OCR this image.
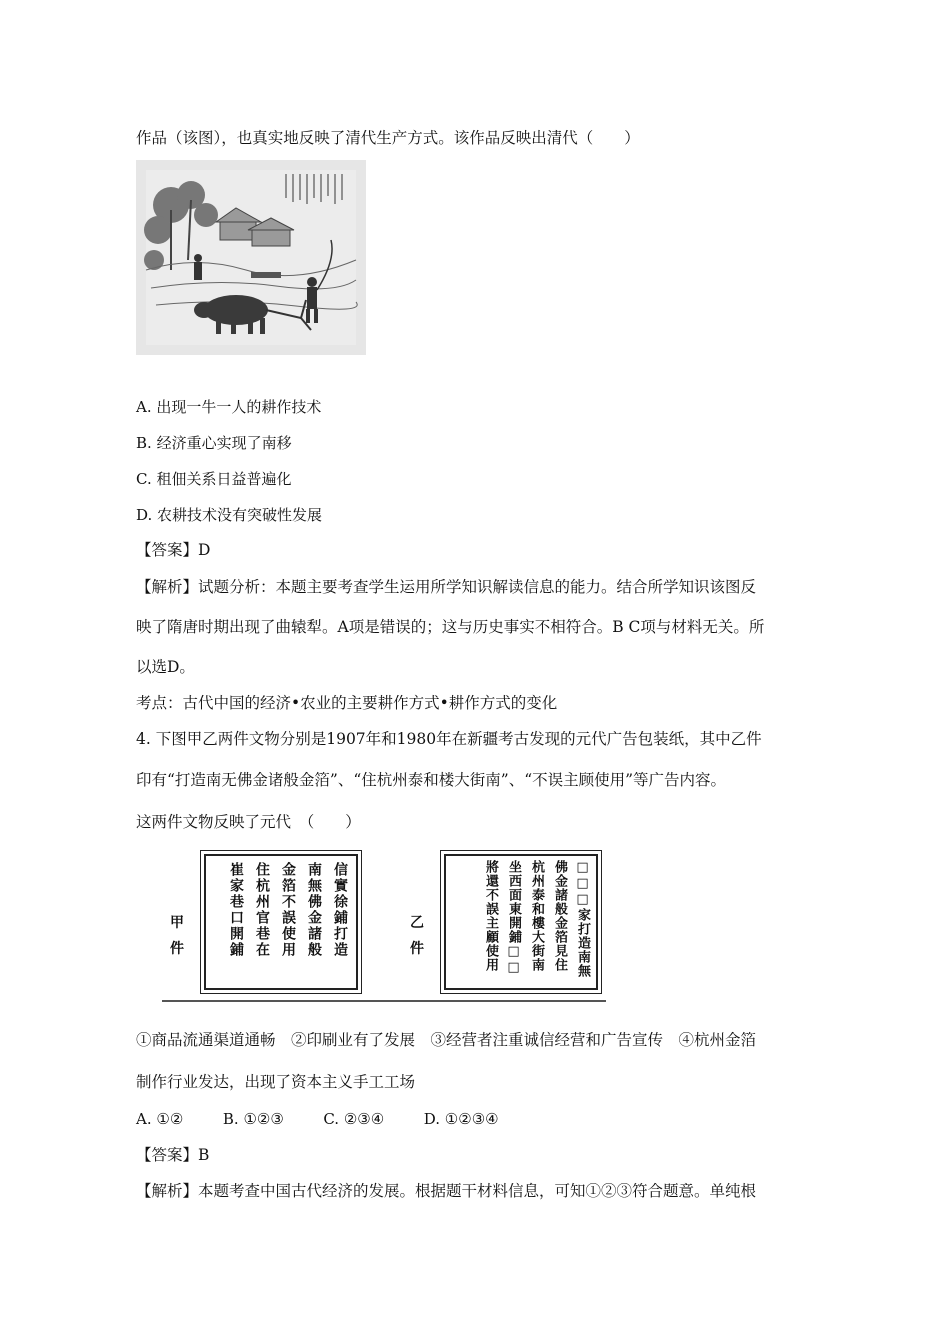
作品（该图），也真实地反映了清代生产方式。该作品反映出清代（　　）
A. 出现一牛一人的耕作技术
B. 经济重心实现了南移
C. 租佃关系日益普遍化
D. 农耕技术没有突破性发展
【答案】D
【解析】试题分析：本题主要考查学生运用所学知识解读信息的能力。结合所学知识该图反
映了隋唐时期出现了曲辕犁。A项是错误的；这与历史事实不相符合。B C项与材料无关。所
以选D。
考点：古代中国的经济•农业的主要耕作方式•耕作方式的变化
4. 下图甲乙两件文物分别是1907年和1980年在新疆考古发现的元代广告包装纸，其中乙件
印有“打造南无佛金诸般金箔”、“住杭州泰和楼大街南”、“不误主顾使用”等广告内容。
这两件文物反映了元代　（　　）
甲
件	信實徐鋪打造
南無佛金諸般
金箔不誤使用
住杭州官巷在
崔家巷口開鋪	乙
件	□□□家打造南無
佛金諸般金箔見住
杭州泰和樓大街南
坐西面東開鋪□□
將還不誤主顧使用
①商品流通渠道通畅　②印刷业有了发展　③经营者注重诚信经营和广告宣传　④杭州金箔
制作行业发达，出现了资本主义手工工场
A. ①②	B. ①②③	C. ②③④	D. ①②③④
【答案】B
【解析】本题考查中国古代经济的发展。根据题干材料信息，可知①②③符合题意。单纯根
